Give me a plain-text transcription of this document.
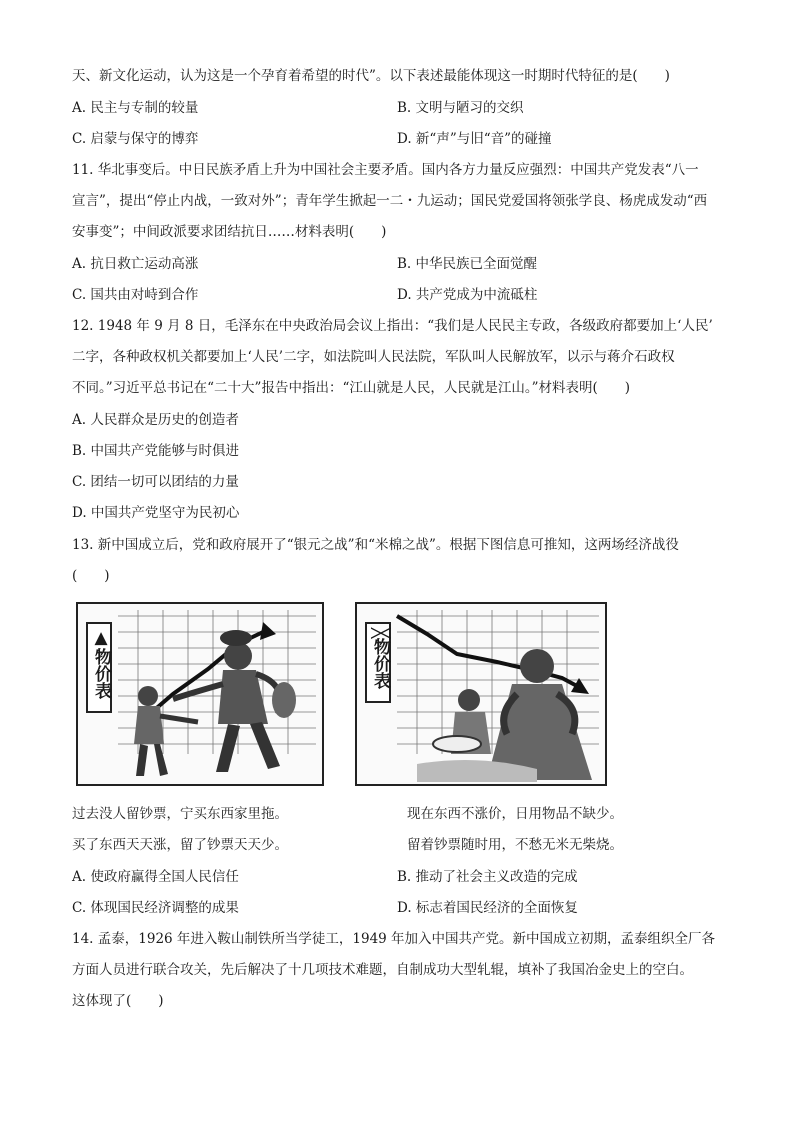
天、新文化运动，认为这是一个孕育着希望的时代”。以下表述最能体现这一时期时代特征的是(　　)
A. 民主与专制的较量	B. 文明与陋习的交织
C. 启蒙与保守的博弈	D. 新“声”与旧“音”的碰撞
11. 华北事变后。中日民族矛盾上升为中国社会主要矛盾。国内各方力量反应强烈：中国共产党发表“八一
宣言”，提出“停止内战，一致对外”；青年学生掀起一二・九运动；国民党爱国将领张学良、杨虎成发动“西
安事变”；中间政派要求团结抗日……材料表明(　　)
A. 抗日救亡运动高涨	B. 中华民族已全面觉醒
C. 国共由对峙到合作	D. 共产党成为中流砥柱
12. 1948 年 9 月 8 日，毛泽东在中央政治局会议上指出：“我们是人民民主专政，各级政府都要加上‘人民’
二字，各种政权机关都要加上‘人民’二字，如法院叫人民法院，军队叫人民解放军，以示与蒋介石政权
不同。”习近平总书记在“二十大”报告中指出：“江山就是人民，人民就是江山。”材料表明(　　)
A. 人民群众是历史的创造者
B. 中国共产党能够与时俱进
C. 团结一切可以团结的力量
D. 中国共产党坚守为民初心
13. 新中国成立后，党和政府展开了“银元之战”和“米棉之战”。根据下图信息可推知，这两场经济战役
(　　)
▲物价表	╳物价表
过去没人留钞票，宁买东西家里拖。
买了东西天天涨，留了钞票天天少。
现在东西不涨价，日用物品不缺少。
留着钞票随时用，不愁无米无柴烧。
A. 使政府赢得全国人民信任	B. 推动了社会主义改造的完成
C. 体现国民经济调整的成果	D. 标志着国民经济的全面恢复
14. 孟泰，1926 年进入鞍山制铁所当学徒工，1949 年加入中国共产党。新中国成立初期，孟泰组织全厂各
方面人员进行联合攻关，先后解决了十几项技术难题，自制成功大型轧辊，填补了我国冶金史上的空白。
这体现了(　　)
